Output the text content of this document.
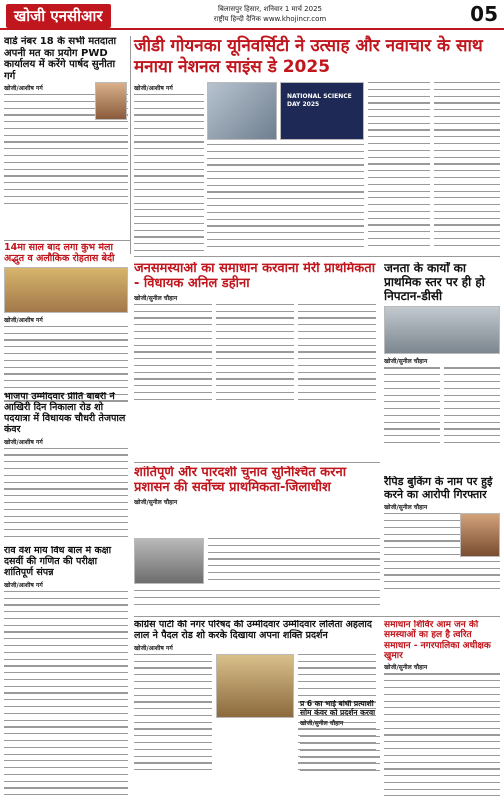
खोजी एनसीआर	बिलासपुर हिसार, शनिवार 1 मार्च 2025
राष्ट्रीय हिन्दी दैनिक www.khojincr.com	05
वार्ड नंबर 18 के सभी मतदाता अपनी मत का प्रयोग PWD कार्यालय में करेंगे पार्षद सुनीता गर्ग
खोजी/आशीष गर्ग
जीडी गोयनका यूनिवर्सिटी ने उत्साह और नवाचार के साथ मनाया नेशनल साइंस डे 2025
खोजी/आशीष गर्ग
NATIONAL SCIENCE DAY 2025
14मा साल बाद लगा कुंभ मेला अद्भुत व अलौकिक रोहतास बेदी
खोजी/आशीष गर्ग
भाजपा उम्मीदवार प्रीति बाबरी ने आखिरी दिन निकाला रोड शो पदयात्रा में विधायक चौधरी तेजपाल कंवर
खोजी/आशीष गर्ग
जनसमस्याओं का समाधान करवाना मेरी प्राथमिकता - विधायक अनिल डहीना
खोजी/सुनील चौहान
जनता के कार्यों का प्राथमिक स्तर पर ही हो निपटान-डीसी
खोजी/सुनील चौहान
शांतिपूर्ण और पारदर्शी चुनाव सुनिश्चित करना प्रशासन की सर्वोच्च प्राथमिकता-जिलाधीश
खोजी/सुनील चौहान
रैपिड बुकिंग के नाम पर हुई करने का आरोपी गिरफ्तार
खोजी/सुनील चौहान
राव वंश माय विंध बाल में कक्षा दसवीं की गणित की परीक्षा शांतिपूर्ण संपन्न
खोजी/आशीष गर्ग
कांग्रेस पार्टी की नगर परिषद की उम्मीदवार उम्मीदवार ललिता अहलाद लाल ने पैदल रोड शो करके दिखाया अपना शक्ति प्रदर्शन
खोजी/आशीष गर्ग
समाधान शिविर आम जन की समस्याओं का हल है त्वरित समाधान - नगरपालिका अधीक्षक खुमार
खोजी/सुनील चौहान
प्र 6 का भाई बांधी प्रत्याशी सोम कंवर को प्रदर्शन करवा
खोजी/सुनील चौहान
